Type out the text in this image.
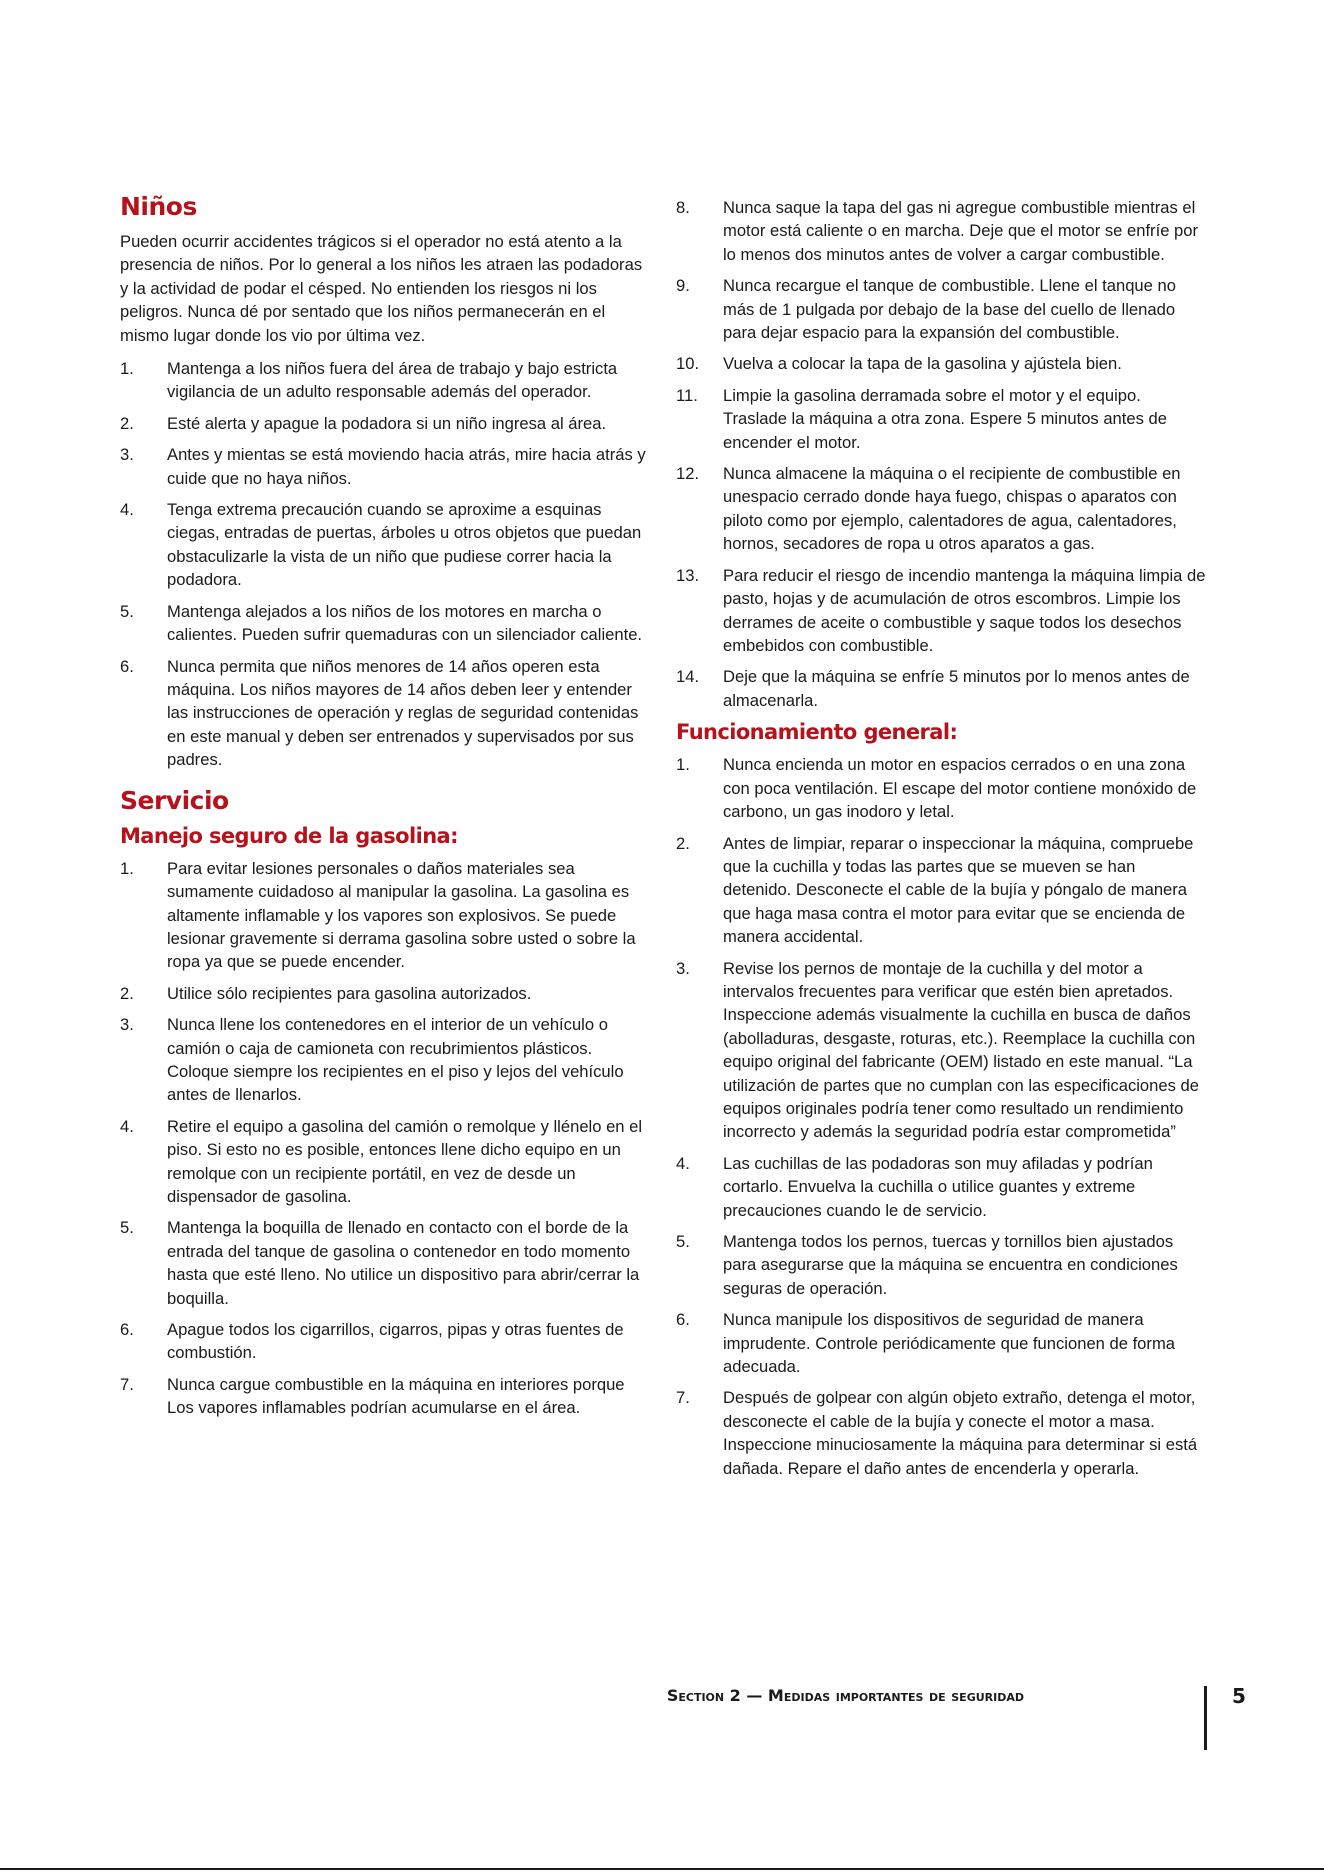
Niños

Pueden ocurrir accidentes trágicos si el operador no está atento a la presencia de niños. Por lo general a los niños les atraen las podadoras y la actividad de podar el césped. No entienden los riesgos ni los peligros. Nunca dé por sentado que los niños permanecerán en el mismo lugar donde los vio por última vez.

1. Mantenga a los niños fuera del área de trabajo y bajo estricta vigilancia de un adulto responsable además del operador.
2. Esté alerta y apague la podadora si un niño ingresa al área.
3. Antes y mientas se está moviendo hacia atrás, mire hacia atrás y cuide que no haya niños.
4. Tenga extrema precaución cuando se aproxime a esquinas ciegas, entradas de puertas, árboles u otros objetos que puedan obstaculizarle la vista de un niño que pudiese correr hacia la podadora.
5. Mantenga alejados a los niños de los motores en marcha o calientes. Pueden sufrir quemaduras con un silenciador caliente.
6. Nunca permita que niños menores de 14 años operen esta máquina. Los niños mayores de 14 años deben leer y entender las instrucciones de operación y reglas de seguridad contenidas en este manual y deben ser entrenados y supervisados por sus padres.
Servicio
Manejo seguro de la gasolina:
1. Para evitar lesiones personales o daños materiales sea sumamente cuidadoso al manipular la gasolina. La gasolina es altamente inflamable y los vapores son explosivos. Se puede lesionar gravemente si derrama gasolina sobre usted o sobre la ropa ya que se puede encender.
2. Utilice sólo recipientes para gasolina autorizados.
3. Nunca llene los contenedores en el interior de un vehículo o camión o caja de camioneta con recubrimientos plásticos. Coloque siempre los recipientes en el piso y lejos del vehículo antes de llenarlos.
4. Retire el equipo a gasolina del camión o remolque y llénelo en el piso. Si esto no es posible, entonces llene dicho equipo en un remolque con un recipiente portátil, en vez de desde un dispensador de gasolina.
5. Mantenga la boquilla de llenado en contacto con el borde de la entrada del tanque de gasolina o contenedor en todo momento hasta que esté lleno. No utilice un dispositivo para abrir/cerrar la boquilla.
6. Apague todos los cigarrillos, cigarros, pipas y otras fuentes de combustión.
7. Nunca cargue combustible en la máquina en interiores porque Los vapores inflamables podrían acumularse en el área.
8. Nunca saque la tapa del gas ni agregue combustible mientras el motor está caliente o en marcha. Deje que el motor se enfríe por lo menos dos minutos antes de volver a cargar combustible.
9. Nunca recargue el tanque de combustible. Llene el tanque no más de 1 pulgada por debajo de la base del cuello de llenado para dejar espacio para la expansión del combustible.
10. Vuelva a colocar la tapa de la gasolina y ajústela bien.
11. Limpie la gasolina derramada sobre el motor y el equipo. Traslade la máquina a otra zona. Espere 5 minutos antes de encender el motor.
12. Nunca almacene la máquina o el recipiente de combustible en unespacio cerrado donde haya fuego, chispas o aparatos con piloto como por ejemplo, calentadores de agua, calentadores, hornos, secadores de ropa u otros aparatos a gas.
13. Para reducir el riesgo de incendio mantenga la máquina limpia de pasto, hojas y de acumulación de otros escombros. Limpie los derrames de aceite o combustible y saque todos los desechos embebidos con combustible.
14. Deje que la máquina se enfríe 5 minutos por lo menos antes de almacenarla.
Funcionamiento general:
1. Nunca encienda un motor en espacios cerrados o en una zona con poca ventilación. El escape del motor contiene monóxido de carbono, un gas inodoro y letal.
2. Antes de limpiar, reparar o inspeccionar la máquina, compruebe que la cuchilla y todas las partes que se mueven se han detenido. Desconecte el cable de la bujía y póngalo de manera que haga masa contra el motor para evitar que se encienda de manera accidental.
3. Revise los pernos de montaje de la cuchilla y del motor a intervalos frecuentes para verificar que estén bien apretados. Inspeccione además visualmente la cuchilla en busca de daños (abolladuras, desgaste, roturas, etc.). Reemplace la cuchilla con equipo original del fabricante (OEM) listado en este manual. “La utilización de partes que no cumplan con las especificaciones de equipos originales podría tener como resultado un rendimiento incorrecto y además la seguridad podría estar comprometida”
4. Las cuchillas de las podadoras son muy afiladas y podrían cortarlo. Envuelva la cuchilla o utilice guantes y extreme precauciones cuando le de servicio.
5. Mantenga todos los pernos, tuercas y tornillos bien ajustados para asegurarse que la máquina se encuentra en condiciones seguras de operación.
6. Nunca manipule los dispositivos de seguridad de manera imprudente. Controle periódicamente que funcionen de forma adecuada.
7. Después de golpear con algún objeto extraño, detenga el motor, desconecte el cable de la bujía y conecte el motor a masa. Inspeccione minuciosamente la máquina para determinar si está dañada. Repare el daño antes de encenderla y operarla.
Section 2 — Medidas importantes de seguridad	5
